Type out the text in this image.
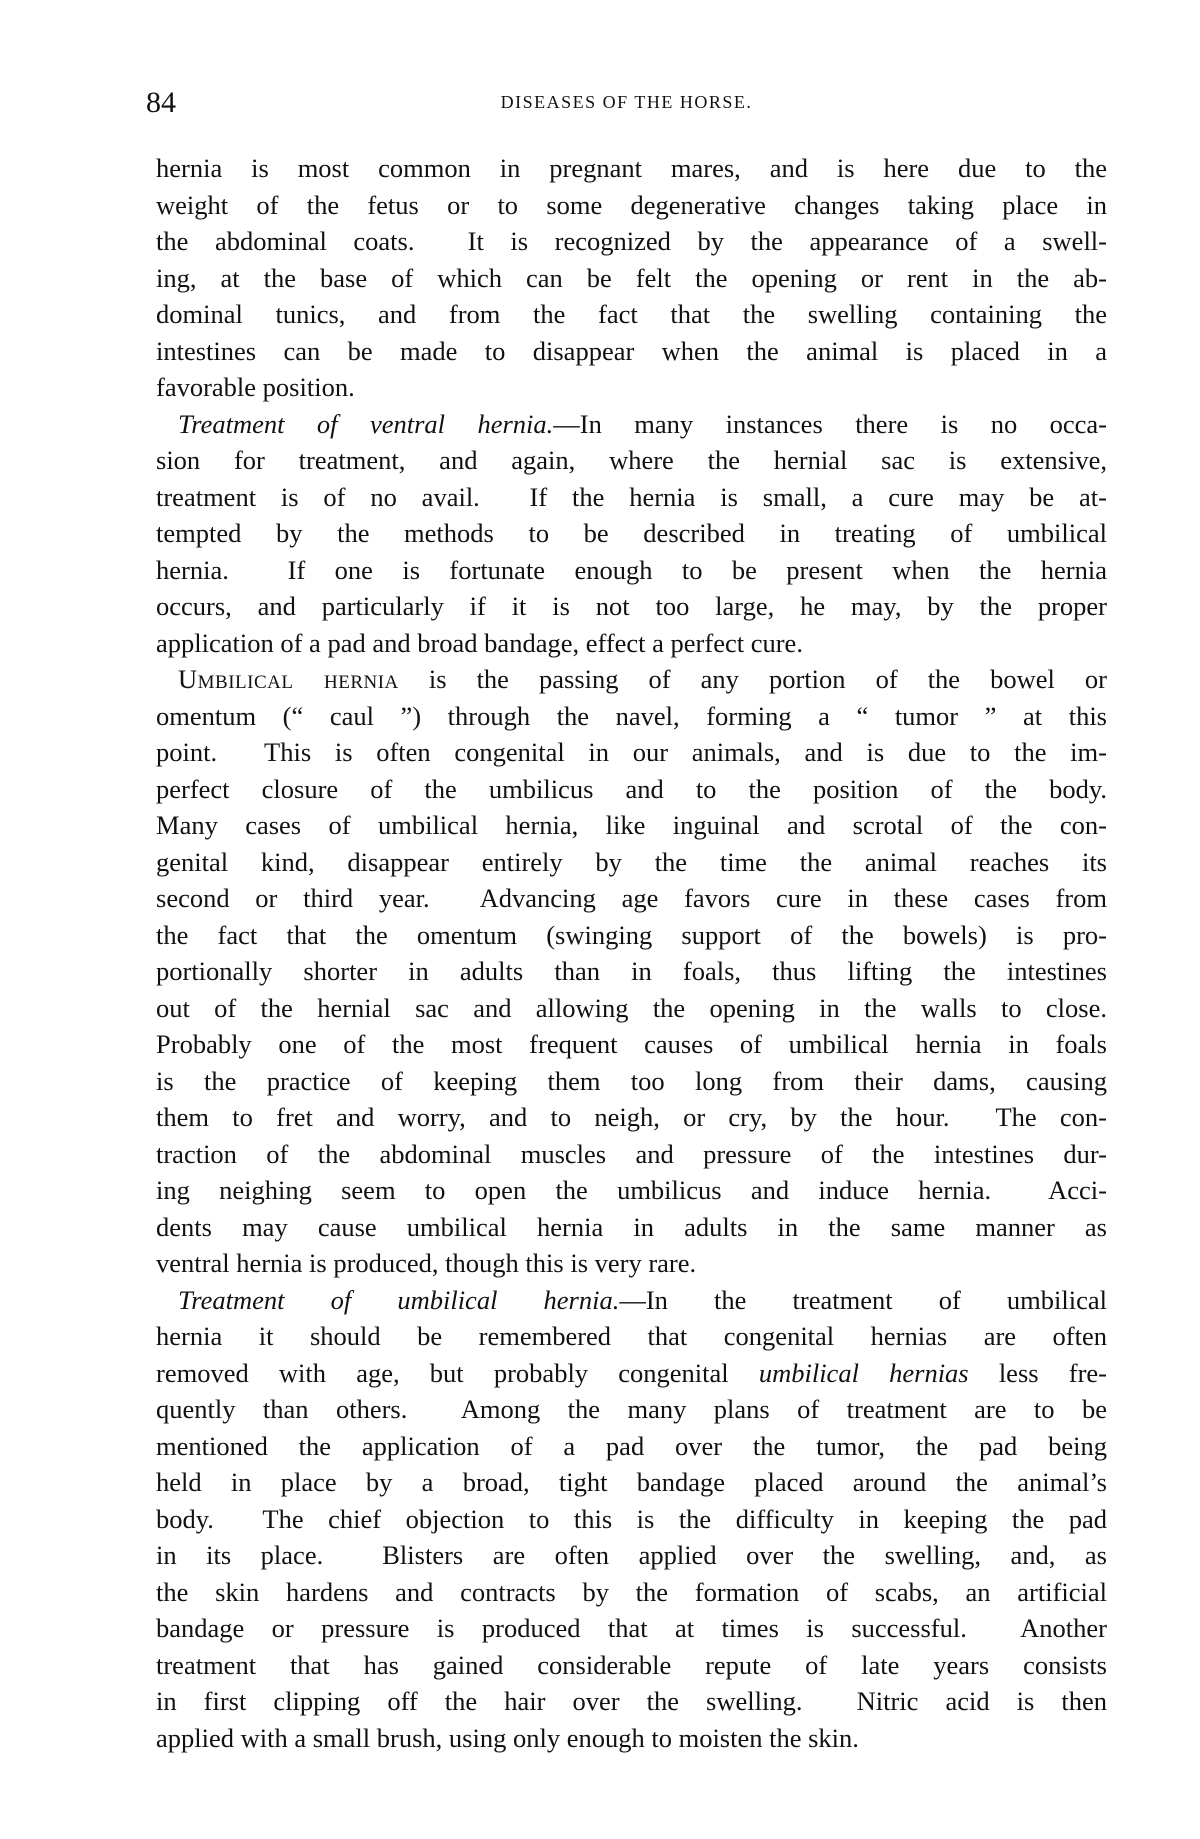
84	DISEASES OF THE HORSE.
hernia is most common in pregnant mares, and is here due to the
weight of the fetus or to some degenerative changes taking place in
the abdominal coats.  It is recognized by the appearance of a swell-
ing, at the base of which can be felt the opening or rent in the ab-
dominal tunics, and from the fact that the swelling containing the
intestines can be made to disappear when the animal is placed in a
favorable position.
Treatment of ventral hernia.—In many instances there is no occa-
sion for treatment, and again, where the hernial sac is extensive,
treatment is of no avail.  If the hernia is small, a cure may be at-
tempted by the methods to be described in treating of umbilical
hernia.  If one is fortunate enough to be present when the hernia
occurs, and particularly if it is not too large, he may, by the proper
application of a pad and broad bandage, effect a perfect cure.
Umbilical hernia is the passing of any portion of the bowel or
omentum (“ caul ”) through the navel, forming a “ tumor ” at this
point.  This is often congenital in our animals, and is due to the im-
perfect closure of the umbilicus and to the position of the body.
Many cases of umbilical hernia, like inguinal and scrotal of the con-
genital kind, disappear entirely by the time the animal reaches its
second or third year.  Advancing age favors cure in these cases from
the fact that the omentum (swinging support of the bowels) is pro-
portionally shorter in adults than in foals, thus lifting the intestines
out of the hernial sac and allowing the opening in the walls to close.
Probably one of the most frequent causes of umbilical hernia in foals
is the practice of keeping them too long from their dams, causing
them to fret and worry, and to neigh, or cry, by the hour.  The con-
traction of the abdominal muscles and pressure of the intestines dur-
ing neighing seem to open the umbilicus and induce hernia.  Acci-
dents may cause umbilical hernia in adults in the same manner as
ventral hernia is produced, though this is very rare.
Treatment of umbilical hernia.—In the treatment of umbilical
hernia it should be remembered that congenital hernias are often
removed with age, but probably congenital umbilical hernias less fre-
quently than others.  Among the many plans of treatment are to be
mentioned the application of a pad over the tumor, the pad being
held in place by a broad, tight bandage placed around the animal’s
body.  The chief objection to this is the difficulty in keeping the pad
in its place.  Blisters are often applied over the swelling, and, as
the skin hardens and contracts by the formation of scabs, an artificial
bandage or pressure is produced that at times is successful.  Another
treatment that has gained considerable repute of late years consists
in first clipping off the hair over the swelling.  Nitric acid is then
applied with a small brush, using only enough to moisten the skin.
